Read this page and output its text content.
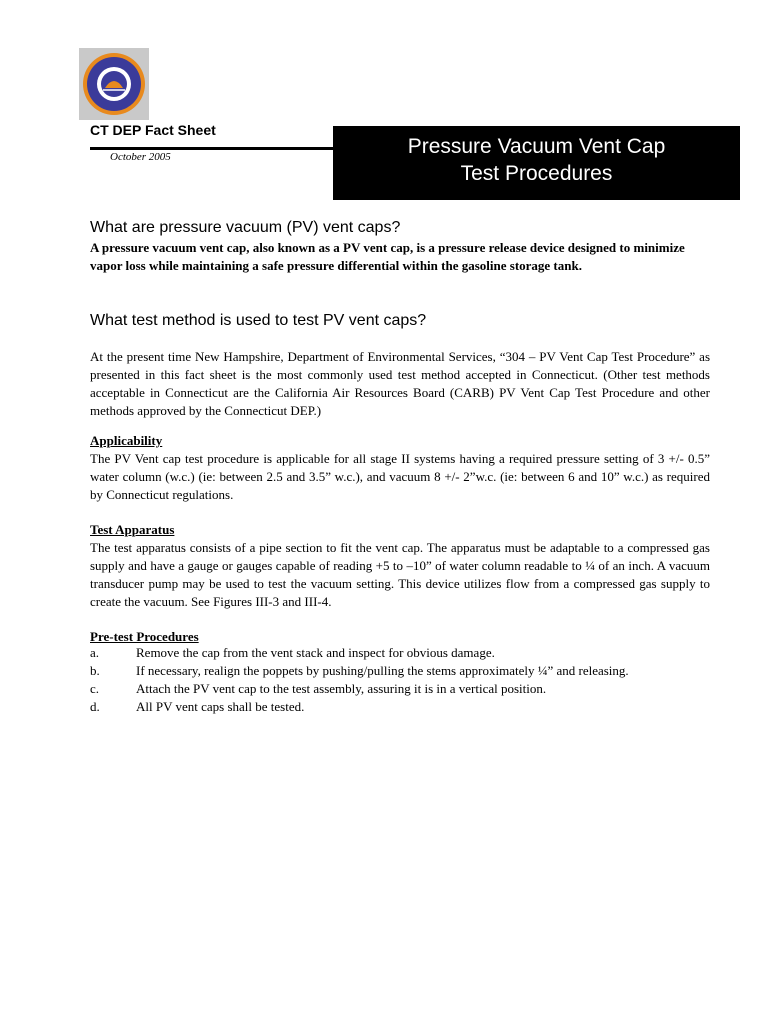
CT DEP Fact Sheet
October 2005	Pressure Vacuum Vent Cap
Test Procedures
What are pressure vacuum (PV) vent caps?
A pressure vacuum vent cap, also known as a PV vent cap, is a pressure release device designed to minimize vapor loss while maintaining a safe pressure differential within the gasoline storage tank.
What test method is used to test PV vent caps?
At the present time New Hampshire, Department of Environmental Services, “304 – PV Vent Cap Test Procedure” as presented in this fact sheet is the most commonly used test method accepted in Connecticut. (Other test methods acceptable in Connecticut are the California Air Resources Board (CARB) PV Vent Cap Test Procedure and other methods approved by the Connecticut DEP.)
Applicability
The PV Vent cap test procedure is applicable for all stage II systems having a required pressure setting of 3 +/- 0.5” water column (w.c.) (ie: between 2.5 and 3.5” w.c.), and vacuum 8 +/- 2”w.c. (ie: between 6 and 10” w.c.) as required by Connecticut regulations.
Test Apparatus
The test apparatus consists of a pipe section to fit the vent cap. The apparatus must be adaptable to a compressed gas supply and have a gauge or gauges capable of reading +5 to –10” of water column readable to ¼ of an inch. A vacuum transducer pump may be used to test the vacuum setting. This device utilizes flow from a compressed gas supply to create the vacuum. See Figures III-3 and III-4.
Pre-test Procedures
a.	Remove the cap from the vent stack and inspect for obvious damage.
b.	If necessary, realign the poppets by pushing/pulling the stems approximately ¼” and releasing.
c.	Attach the PV vent cap to the test assembly, assuring it is in a vertical position.
d.	All PV vent caps shall be tested.
